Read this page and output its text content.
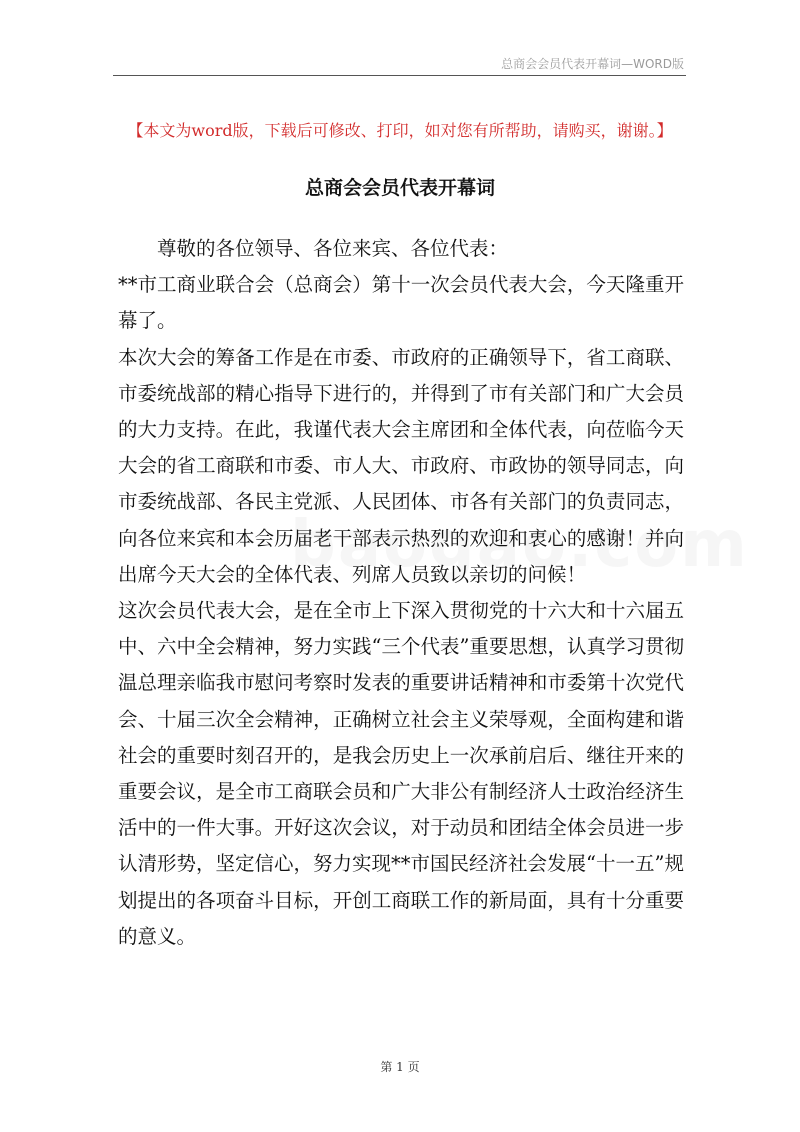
总商会会员代表开幕词—WORD版
【本文为word版，下载后可修改、打印，如对您有所帮助，请购买，谢谢。】
总商会会员代表开幕词

尊敬的各位领导、各位来宾、各位代表：

**市工商业联合会（总商会）第十一次会员代表大会，今天隆重开幕了。

本次大会的筹备工作是在市委、市政府的正确领导下，省工商联、市委统战部的精心指导下进行的，并得到了市有关部门和广大会员的大力支持。在此，我谨代表大会主席团和全体代表，向莅临今天大会的省工商联和市委、市人大、市政府、市政协的领导同志，向市委统战部、各民主党派、人民团体、市各有关部门的负责同志，向各位来宾和本会历届老干部表示热烈的欢迎和衷心的感谢！并向出席今天大会的全体代表、列席人员致以亲切的问候！

这次会员代表大会，是在全市上下深入贯彻党的十六大和十六届五中、六中全会精神，努力实践“三个代表”重要思想，认真学习贯彻温总理亲临我市慰问考察时发表的重要讲话精神和市委第十次党代会、十届三次全会精神，正确树立社会主义荣辱观，全面构建和谐社会的重要时刻召开的，是我会历史上一次承前启后、继往开来的重要会议，是全市工商联会员和广大非公有制经济人士政治经济生活中的一件大事。开好这次会议，对于动员和团结全体会员进一步认清形势，坚定信心，努力实现**市国民经济社会发展“十一五”规划提出的各项奋斗目标，开创工商联工作的新局面，具有十分重要的意义。

第 1 页
